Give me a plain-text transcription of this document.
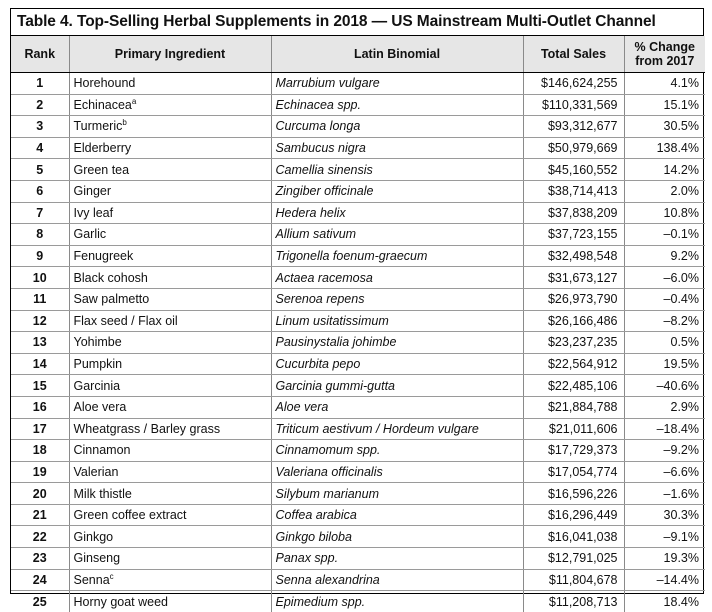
Table 4. Top-Selling Herbal Supplements in 2018 — US Mainstream Multi-Outlet Channel
Rank	Primary Ingredient	Latin Binomial	Total Sales	% Change
from 2017
1	Horehound	Marrubium vulgare	$146,624,255	4.1%
2	Echinacea$^a$	Echinacea spp.	$110,331,569	15.1%
3	Turmeric$^b$	Curcuma longa	$93,312,677	30.5%
4	Elderberry	Sambucus nigra	$50,979,669	138.4%
5	Green tea	Camellia sinensis	$45,160,552	14.2%
6	Ginger	Zingiber officinale	$38,714,413	2.0%
7	Ivy leaf	Hedera helix	$37,838,209	10.8%
8	Garlic	Allium sativum	$37,723,155	–0.1%
9	Fenugreek	Trigonella foenum-graecum	$32,498,548	9.2%
10	Black cohosh	Actaea racemosa	$31,673,127	–6.0%
11	Saw palmetto	Serenoa repens	$26,973,790	–0.4%
12	Flax seed / Flax oil	Linum usitatissimum	$26,166,486	–8.2%
13	Yohimbe	Pausinystalia johimbe	$23,237,235	0.5%
14	Pumpkin	Cucurbita pepo	$22,564,912	19.5%
15	Garcinia	Garcinia gummi-gutta	$22,485,106	–40.6%
16	Aloe vera	Aloe vera	$21,884,788	2.9%
17	Wheatgrass / Barley grass	Triticum aestivum / Hordeum vulgare	$21,011,606	–18.4%
18	Cinnamon	Cinnamomum spp.	$17,729,373	–9.2%
19	Valerian	Valeriana officinalis	$17,054,774	–6.6%
20	Milk thistle	Silybum marianum	$16,596,226	–1.6%
21	Green coffee extract	Coffea arabica	$16,296,449	30.3%
22	Ginkgo	Ginkgo biloba	$16,041,038	–9.1%
23	Ginseng	Panax spp.	$12,791,025	19.3%
24	Senna$^c$	Senna alexandrina	$11,804,678	–14.4%
25	Horny goat weed	Epimedium spp.	$11,208,713	18.4%
